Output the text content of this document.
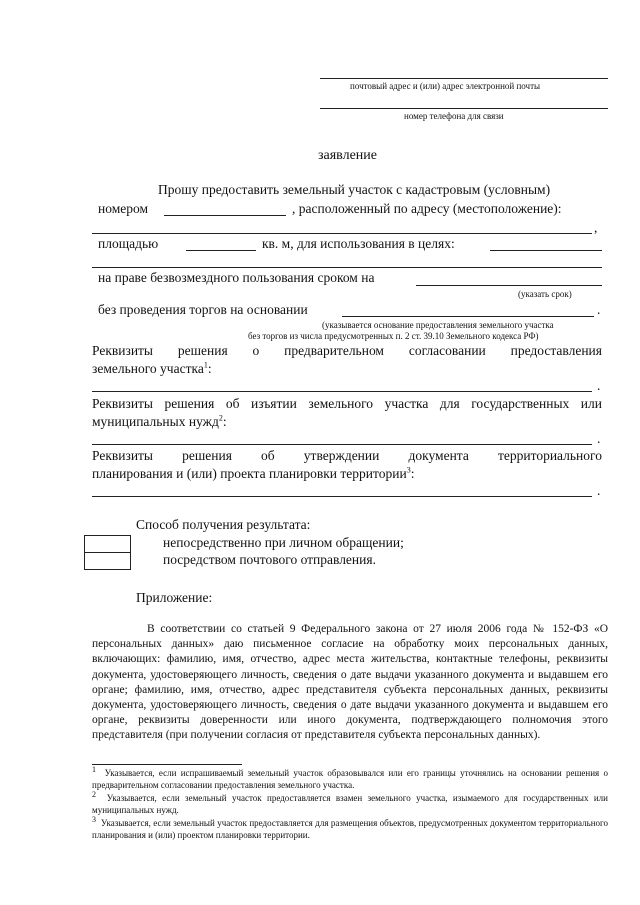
почтовый адрес и (или) адрес электронной почты
номер телефона для связи
заявление
Прошу предоставить земельный участок с кадастровым (условным)
номером	, расположенный по адресу (местоположение):
,
площадью	кв. м, для использования в целях:
на праве безвозмездного пользования сроком на
(указать срок)
без проведения торгов на основании	.
(указывается основание предоставления земельного участка
без торгов из числа предусмотренных п. 2 ст. 39.10 Земельного кодекса РФ)
Реквизиты решения о предварительном согласовании предоставления
земельного участка$^1$:
.
Реквизиты решения об изъятии земельного участка для государственных или
муниципальных нужд$^2$:
.
Реквизиты решения об утверждении документа территориального
планирования и (или) проекта планировки территории$^3$:
.
Способ получения результата:
непосредственно при личном обращении;
посредством почтового отправления.
Приложение:
В соответствии со статьей 9 Федерального закона от 27 июля 2006 года № 152-ФЗ «О персональных данных» даю письменное согласие на обработку моих персональных данных, включающих: фамилию, имя, отчество, адрес места жительства, контактные телефоны, реквизиты документа, удостоверяющего личность, сведения о дате выдачи указанного документа и выдавшем его органе; фамилию, имя, отчество, адрес представителя субъекта персональных данных, реквизиты документа, удостоверяющего личность, сведения о дате выдачи указанного документа и выдавшем его органе, реквизиты доверенности или иного документа, подтверждающего полномочия этого представителя (при получении согласия от представителя субъекта персональных данных).
$^1$ Указывается, если испрашиваемый земельный участок образовывался или его границы уточнялись на основании решения о предварительном согласовании предоставления земельного участка.
$^2$ Указывается, если земельный участок предоставляется взамен земельного участка, изымаемого для государственных или муниципальных нужд.
$^3$ Указывается, если земельный участок предоставляется для размещения объектов, предусмотренных документом территориального планирования и (или) проектом планировки территории.
